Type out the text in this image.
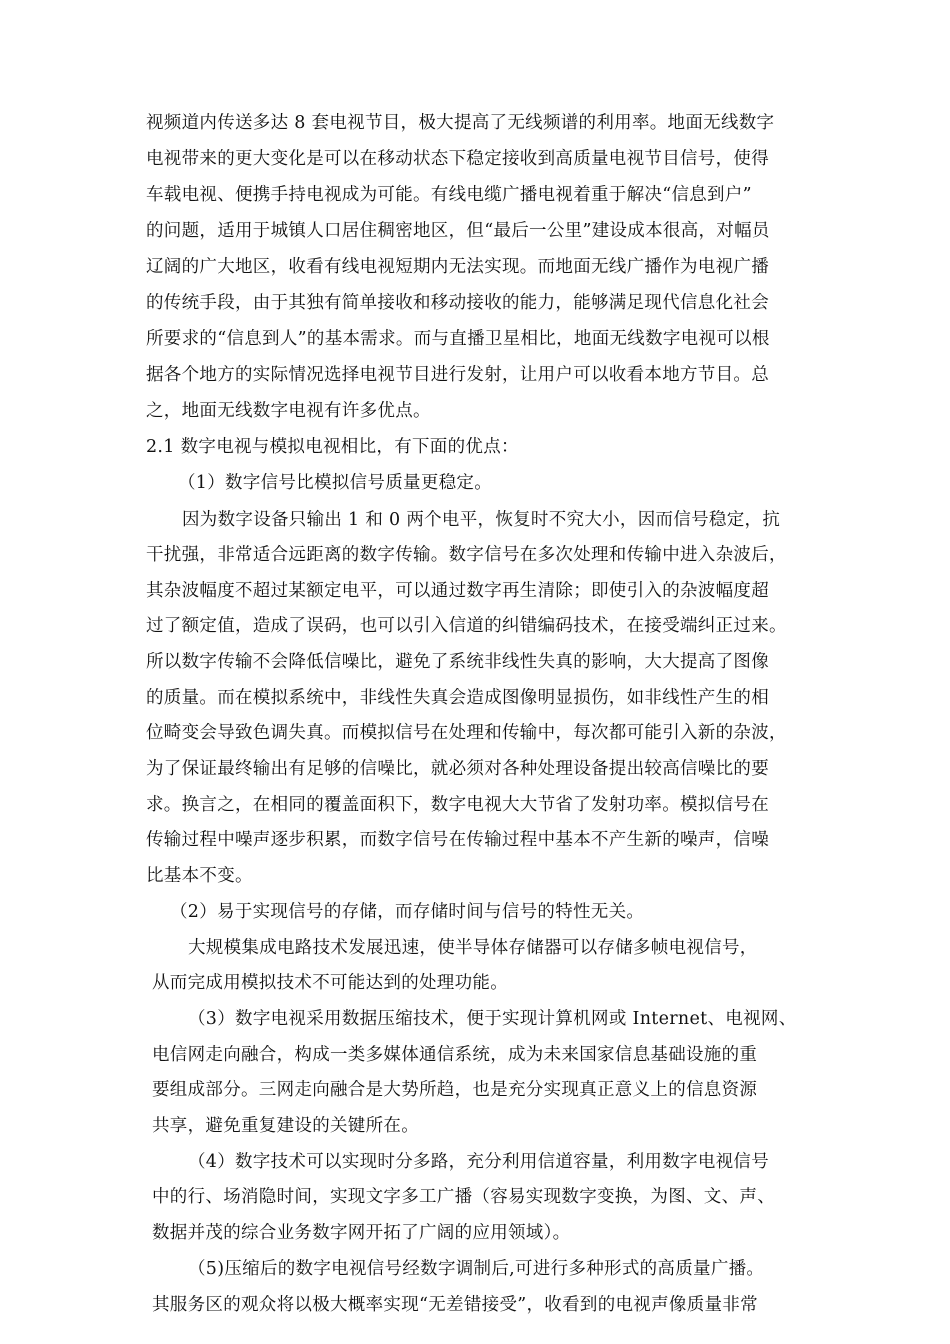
视频道内传送多达 8 套电视节目，极大提高了无线频谱的利用率。地面无线数字
电视带来的更大变化是可以在移动状态下稳定接收到高质量电视节目信号，使得
车载电视、便携手持电视成为可能。有线电缆广播电视着重于解决“信息到户”
的问题，适用于城镇人口居住稠密地区，但“最后一公里”建设成本很高，对幅员
辽阔的广大地区，收看有线电视短期内无法实现。而地面无线广播作为电视广播
的传统手段，由于其独有简单接收和移动接收的能力，能够满足现代信息化社会
所要求的“信息到人”的基本需求。而与直播卫星相比，地面无线数字电视可以根
据各个地方的实际情况选择电视节目进行发射，让用户可以收看本地方节目。总
之，地面无线数字电视有许多优点。
2.1 数字电视与模拟电视相比，有下面的优点：
（1）数字信号比模拟信号质量更稳定。
因为数字设备只输出 1 和 0 两个电平，恢复时不究大小，因而信号稳定，抗
干扰强，非常适合远距离的数字传输。数字信号在多次处理和传输中进入杂波后，
其杂波幅度不超过某额定电平，可以通过数字再生清除；即使引入的杂波幅度超
过了额定值，造成了误码，也可以引入信道的纠错编码技术，在接受端纠正过来。
所以数字传输不会降低信噪比，避免了系统非线性失真的影响，大大提高了图像
的质量。而在模拟系统中，非线性失真会造成图像明显损伤，如非线性产生的相
位畸变会导致色调失真。而模拟信号在处理和传输中，每次都可能引入新的杂波，
为了保证最终输出有足够的信噪比，就必须对各种处理设备提出较高信噪比的要
求。换言之，在相同的覆盖面积下，数字电视大大节省了发射功率。模拟信号在
传输过程中噪声逐步积累，而数字信号在传输过程中基本不产生新的噪声，信噪
比基本不变。
（2）易于实现信号的存储，而存储时间与信号的特性无关。
大规模集成电路技术发展迅速，使半导体存储器可以存储多帧电视信号，
从而完成用模拟技术不可能达到的处理功能。
（3）数字电视采用数据压缩技术，便于实现计算机网或 Internet、电视网、
电信网走向融合，构成一类多媒体通信系统，成为未来国家信息基础设施的重
要组成部分。三网走向融合是大势所趋，也是充分实现真正意义上的信息资源
共享，避免重复建设的关键所在。
（4）数字技术可以实现时分多路，充分利用信道容量，利用数字电视信号
中的行、场消隐时间，实现文字多工广播（容易实现数字变换，为图、文、声、
数据并茂的综合业务数字网开拓了广阔的应用领域）。
（5)压缩后的数字电视信号经数字调制后,可进行多种形式的高质量广播。
其服务区的观众将以极大概率实现“无差错接受”，收看到的电视声像质量非常
